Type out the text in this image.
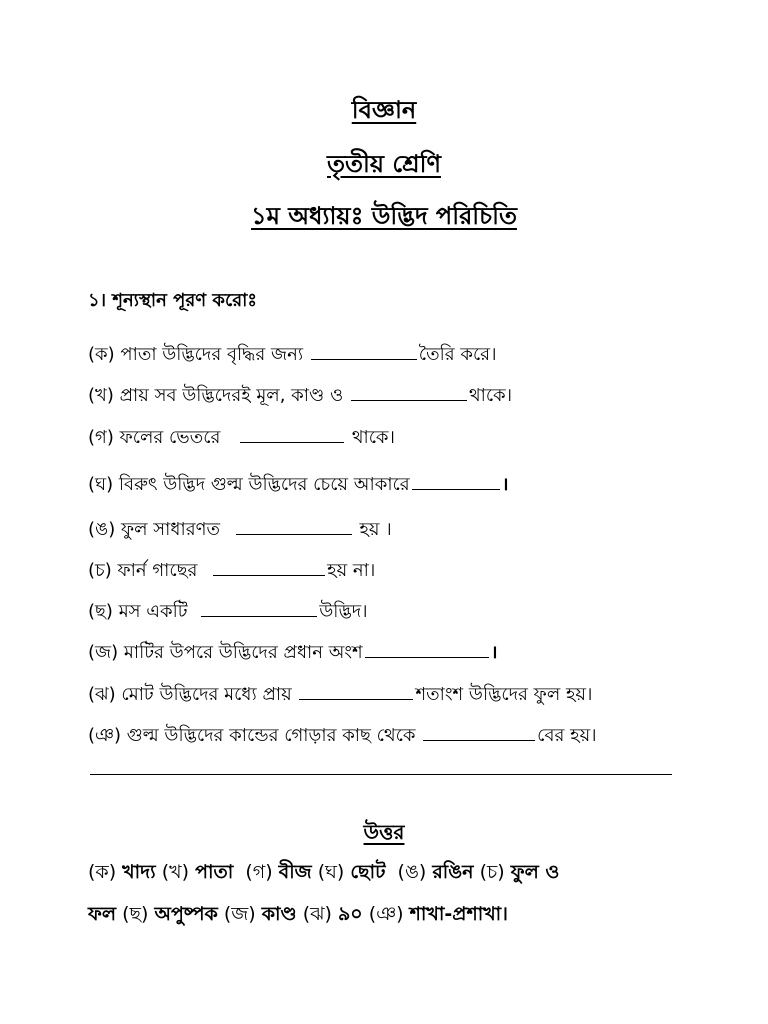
বিজ্ঞান
তৃতীয় শ্রেণি
১ম অধ্যায়ঃ উদ্ভিদ পরিচিতি
১। শূন্যস্থান পূরণ করোঃ
(ক) পাতা উদ্ভিদের বৃদ্ধির জন্য	তৈরি করে।
(খ) প্রায় সব উদ্ভিদেরই মূল, কাণ্ড ও	থাকে।
(গ) ফলের ভেতরে	থাকে।
(ঘ) বিরুৎ উদ্ভিদ গুল্ম উদ্ভিদের চেয়ে আকারে	।
(ঙ) ফুল সাধারণত	হয় ।
(চ) ফার্ন গাছের	হয় না।
(ছ) মস একটি	উদ্ভিদ।
(জ) মাটির উপরে উদ্ভিদের প্রধান অংশ	।
(ঝ) মোট উদ্ভিদের মধ্যে প্রায়	শতাংশ উদ্ভিদের ফুল হয়।
(ঞ) গুল্ম উদ্ভিদের কান্ডের গোড়ার কাছ থেকে	বের হয়।
উত্তর
(ক) খাদ্য (খ) পাতা (গ) বীজ (ঘ) ছোট (ঙ) রঙিন (চ) ফুল ও
ফল (ছ) অপুষ্পক (জ) কাণ্ড (ঝ) ৯০ (ঞ) শাখা-প্রশাখা।
